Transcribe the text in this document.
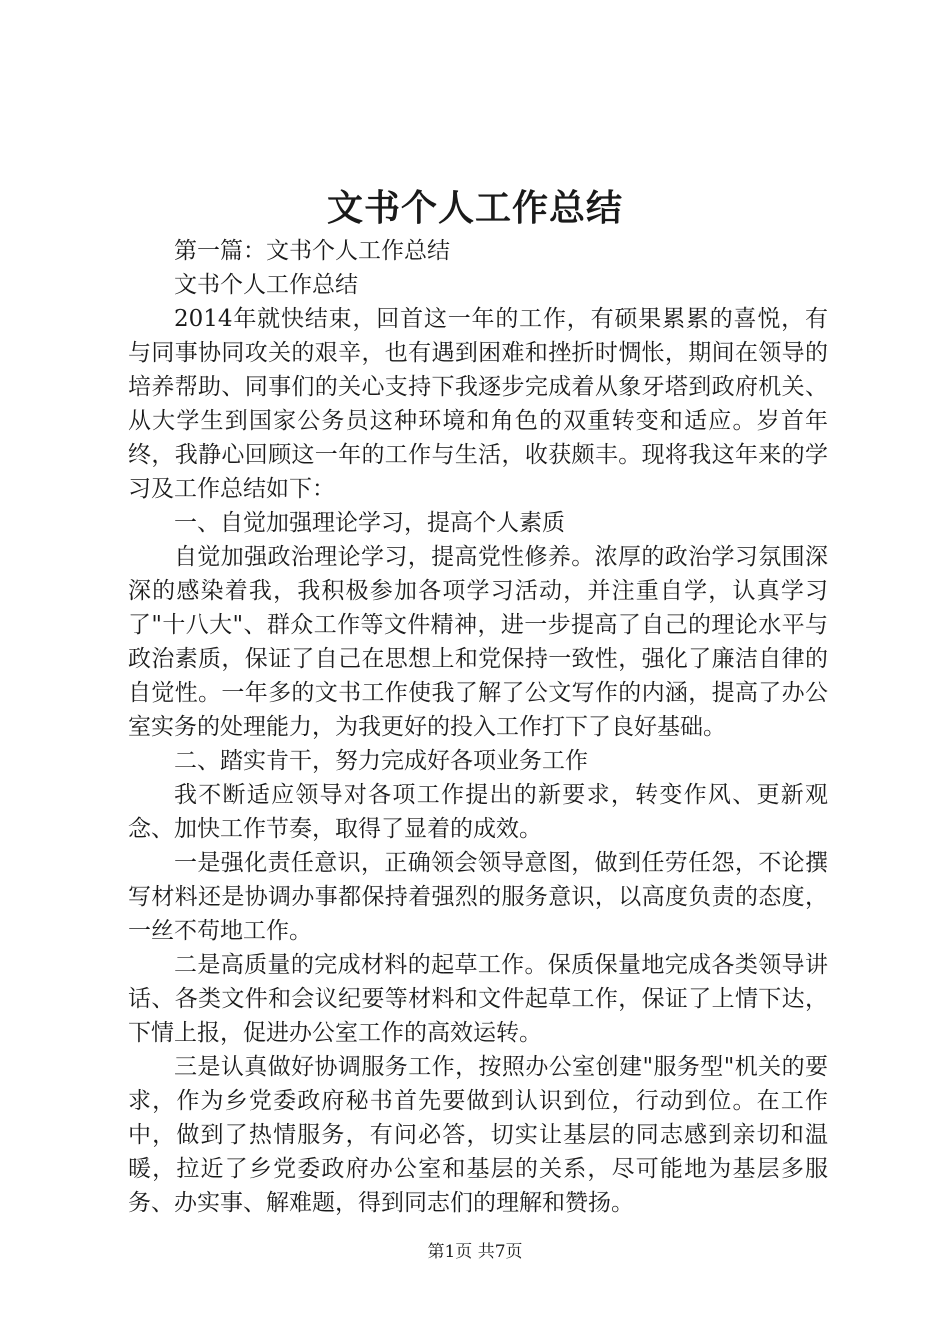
文书个人工作总结

第一篇：文书个人工作总结

文书个人工作总结

2014年就快结束，回首这一年的工作，有硕果累累的喜悦，有与同事协同攻关的艰辛，也有遇到困难和挫折时惆怅，期间在领导的培养帮助、同事们的关心支持下我逐步完成着从象牙塔到政府机关、从大学生到国家公务员这种环境和角色的双重转变和适应。岁首年终，我静心回顾这一年的工作与生活，收获颇丰。现将我这年来的学习及工作总结如下：

一、自觉加强理论学习，提高个人素质

自觉加强政治理论学习，提高党性修养。浓厚的政治学习氛围深深的感染着我，我积极参加各项学习活动，并注重自学，认真学习了"十八大"、群众工作等文件精神，进一步提高了自己的理论水平与政治素质，保证了自己在思想上和党保持一致性，强化了廉洁自律的自觉性。一年多的文书工作使我了解了公文写作的内涵，提高了办公室实务的处理能力，为我更好的投入工作打下了良好基础。

二、踏实肯干，努力完成好各项业务工作

我不断适应领导对各项工作提出的新要求，转变作风、更新观念、加快工作节奏，取得了显着的成效。

一是强化责任意识，正确领会领导意图，做到任劳任怨，不论撰写材料还是协调办事都保持着强烈的服务意识，以高度负责的态度，一丝不苟地工作。

二是高质量的完成材料的起草工作。保质保量地完成各类领导讲话、各类文件和会议纪要等材料和文件起草工作，保证了上情下达，下情上报，促进办公室工作的高效运转。

三是认真做好协调服务工作，按照办公室创建"服务型"机关的要求，作为乡党委政府秘书首先要做到认识到位，行动到位。在工作中，做到了热情服务，有问必答，切实让基层的同志感到亲切和温暖，拉近了乡党委政府办公室和基层的关系，尽可能地为基层多服务、办实事、解难题，得到同志们的理解和赞扬。

第1页 共7页
